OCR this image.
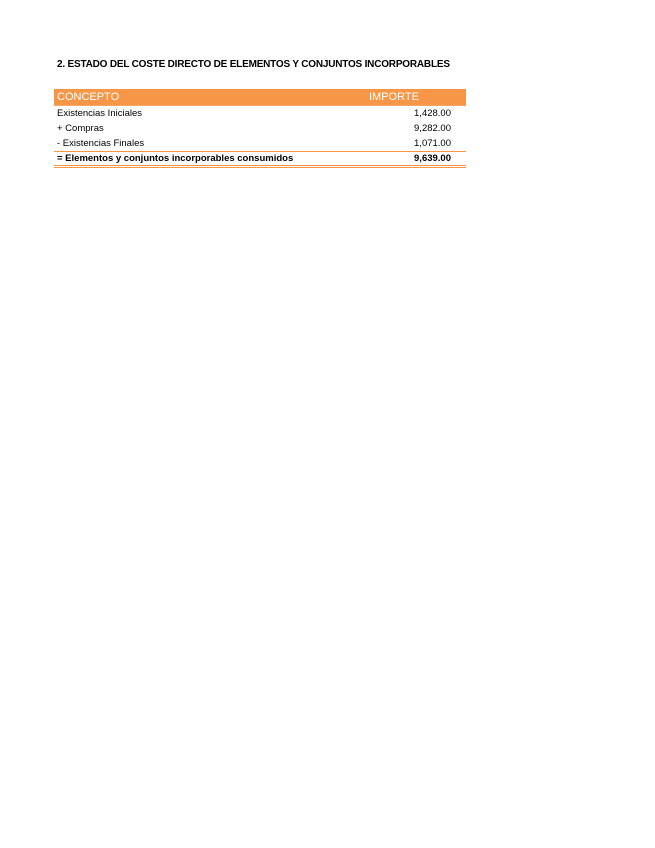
2. ESTADO DEL COSTE DIRECTO DE ELEMENTOS Y CONJUNTOS INCORPORABLES
CONCEPTO	IMPORTE
Existencias Iniciales	1,428.00
+ Compras	9,282.00
- Existencias Finales	1,071.00
= Elementos y conjuntos incorporables consumidos	9,639.00
